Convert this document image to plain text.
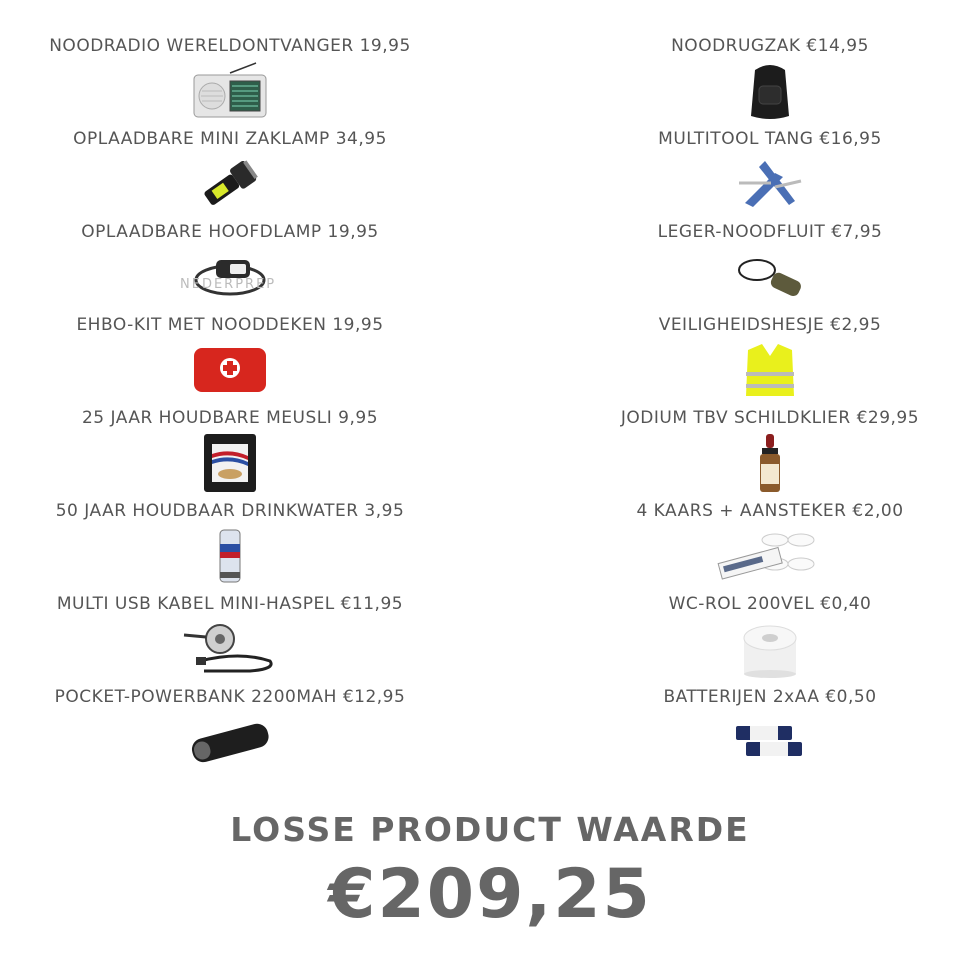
NOODRADIO WERELDONTVANGER 19,95
OPLAADBARE MINI ZAKLAMP 34,95
OPLAADBARE HOOFDLAMP 19,95
NEDERPREP
EHBO-KIT MET NOODDEKEN 19,95
25 JAAR HOUDBARE MEUSLI 9,95
50 JAAR HOUDBAAR DRINKWATER 3,95
MULTI USB KABEL MINI-HASPEL €11,95
POCKET-POWERBANK 2200MAH €12,95
NOODRUGZAK €14,95
MULTITOOL TANG €16,95
LEGER-NOODFLUIT €7,95
VEILIGHEIDSHESJE €2,95
JODIUM TBV SCHILDKLIER €29,95
4 KAARS + AANSTEKER €2,00
WC-ROL 200VEL €0,40
BATTERIJEN 2xAA €0,50
LOSSE PRODUCT WAARDE
€209,25
